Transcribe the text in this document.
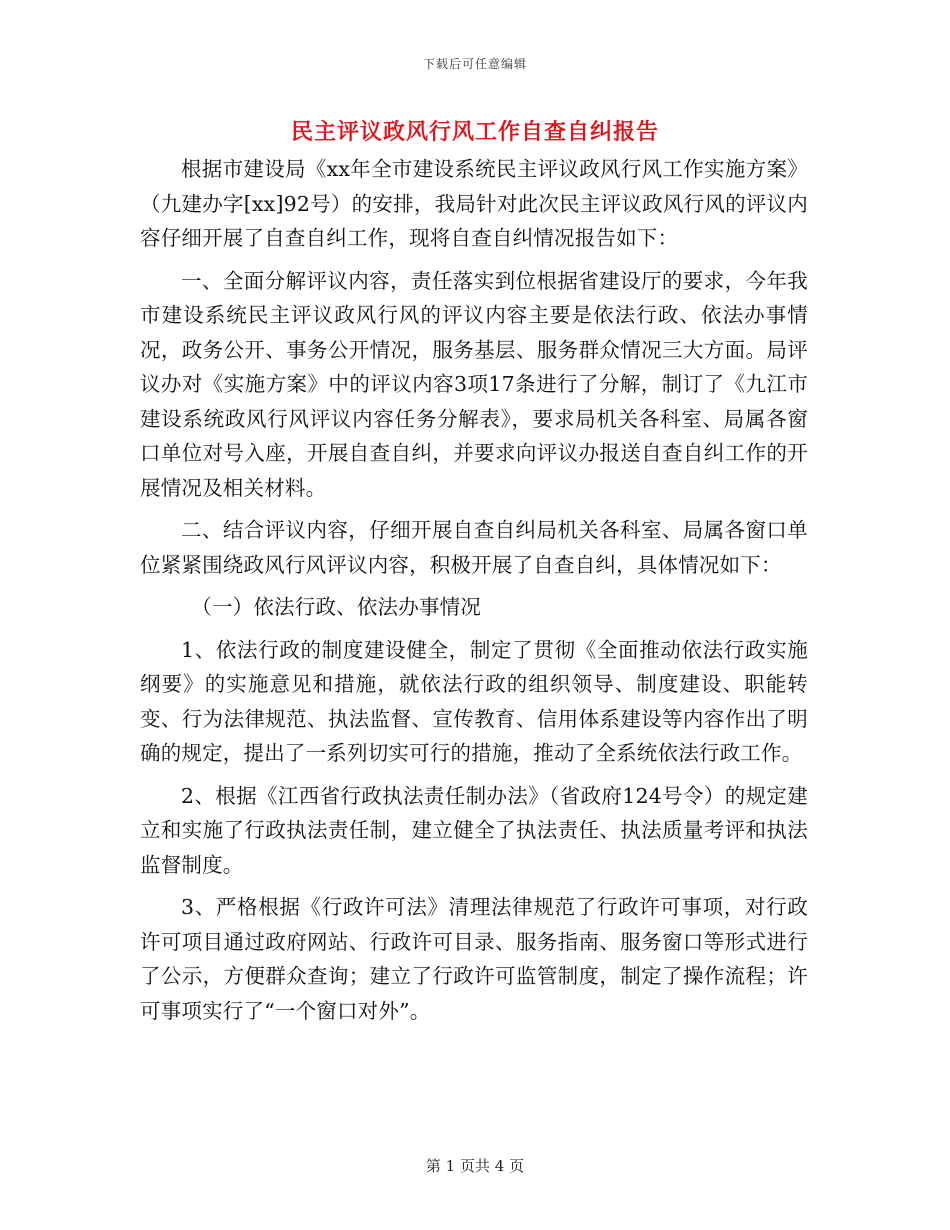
下载后可任意编辑
民主评议政风行风工作自查自纠报告

根据市建设局《xx年全市建设系统民主评议政风行风工作实施方案》（九建办字[xx]92号）的安排，我局针对此次民主评议政风行风的评议内容仔细开展了自查自纠工作，现将自查自纠情况报告如下：

一、全面分解评议内容，责任落实到位根据省建设厅的要求，今年我市建设系统民主评议政风行风的评议内容主要是依法行政、依法办事情况，政务公开、事务公开情况，服务基层、服务群众情况三大方面。局评议办对《实施方案》中的评议内容3项17条进行了分解，制订了《九江市建设系统政风行风评议内容任务分解表》，要求局机关各科室、局属各窗口单位对号入座，开展自查自纠，并要求向评议办报送自查自纠工作的开展情况及相关材料。

二、结合评议内容，仔细开展自查自纠局机关各科室、局属各窗口单位紧紧围绕政风行风评议内容，积极开展了自查自纠，具体情况如下：

（一）依法行政、依法办事情况

1、依法行政的制度建设健全，制定了贯彻《全面推动依法行政实施纲要》的实施意见和措施，就依法行政的组织领导、制度建设、职能转变、行为法律规范、执法监督、宣传教育、信用体系建设等内容作出了明确的规定，提出了一系列切实可行的措施，推动了全系统依法行政工作。

2、根据《江西省行政执法责任制办法》（省政府124号令）的规定建立和实施了行政执法责任制，建立健全了执法责任、执法质量考评和执法监督制度。

3、严格根据《行政许可法》清理法律规范了行政许可事项，对行政许可项目通过政府网站、行政许可目录、服务指南、服务窗口等形式进行了公示，方便群众查询；建立了行政许可监管制度，制定了操作流程；许可事项实行了“一个窗口对外”。

第 1 页共 4 页
